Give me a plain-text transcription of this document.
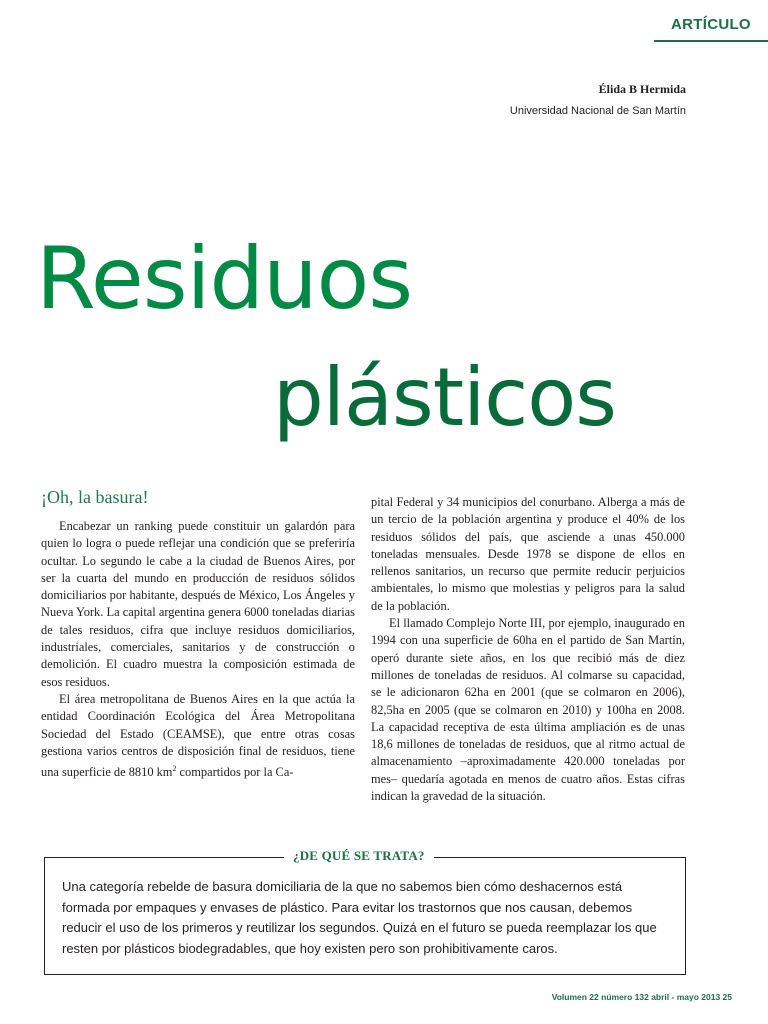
ARTÍCULO
Élida B Hermida
Universidad Nacional de San Martín
Residuos
plásticos
¡Oh, la basura!

Encabezar un ranking puede constituir un galardón para quien lo logra o puede reflejar una condición que se preferiría ocultar. Lo segundo le cabe a la ciudad de Buenos Aires, por ser la cuarta del mundo en producción de residuos sólidos domiciliarios por habitante, después de México, Los Ángeles y Nueva York. La capital argentina genera 6000 toneladas diarias de tales residuos, cifra que incluye residuos domiciliarios, industriales, comerciales, sanitarios y de construcción o demolición. El cuadro muestra la composición estimada de esos residuos.

El área metropolitana de Buenos Aires en la que actúa la entidad Coordinación Ecológica del Área Metropolitana Sociedad del Estado (CEAMSE), que entre otras cosas gestiona varios centros de disposición final de residuos, tiene una superficie de 8810 $km^2$ compartidos por la Ca-

pital Federal y 34 municipios del conurbano. Alberga a más de un tercio de la población argentina y produce el 40% de los residuos sólidos del país, que asciende a unas 450.000 toneladas mensuales. Desde 1978 se dispone de ellos en rellenos sanitarios, un recurso que permite reducir perjuicios ambientales, lo mismo que molestias y peligros para la salud de la población.

El llamado Complejo Norte III, por ejemplo, inaugurado en 1994 con una superficie de 60ha en el partido de San Martín, operó durante siete años, en los que recibió más de diez millones de toneladas de residuos. Al colmarse su capacidad, se le adicionaron 62ha en 2001 (que se colmaron en 2006), 82,5ha en 2005 (que se colmaron en 2010) y 100ha en 2008. La capacidad receptiva de esta última ampliación es de unas 18,6 millones de toneladas de residuos, que al ritmo actual de almacenamiento –aproximadamente 420.000 toneladas por mes– quedaría agotada en menos de cuatro años. Estas cifras indican la gravedad de la situación.

¿DE QUÉ SE TRATA?
Una categoría rebelde de basura domiciliaria de la que no sabemos bien cómo deshacernos está formada por empaques y envases de plástico. Para evitar los trastornos que nos causan, debemos reducir el uso de los primeros y reutilizar los segundos. Quizá en el futuro se pueda reemplazar los que resten por plásticos biodegradables, que hoy existen pero son prohibitivamente caros.
Volumen 22 número 132 abril - mayo 2013 25
